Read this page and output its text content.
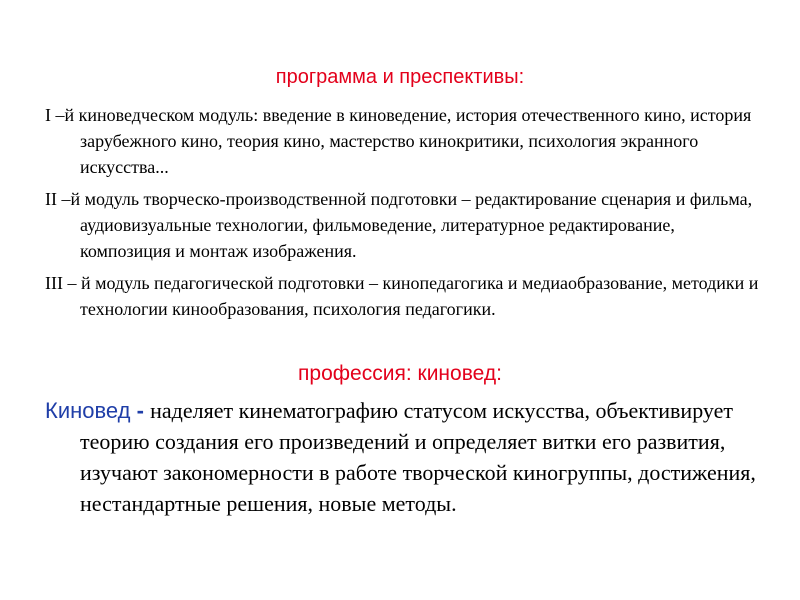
программа и преспективы:
I –й киноведческом модуль: введение в киноведение, история отечественного кино, история зарубежного кино, теория кино, мастерство кинокритики, психология экранного искусства...
II –й модуль творческо-производственной подготовки – редактирование сценария и фильма, аудиовизуальные технологии, фильмоведение, литературное редактирование, композиция и монтаж изображения.
III – й модуль педагогической подготовки – кинопедагогика и медиаобразование, методики и технологии кинообразования, психология педагогики.
профессия: киновед:

Киновед - наделяет кинематографию статусом искусства, объективирует теорию создания его произведений и определяет витки его развития, изучают закономерности в работе творческой киногруппы, достижения, нестандартные решения, новые методы.
